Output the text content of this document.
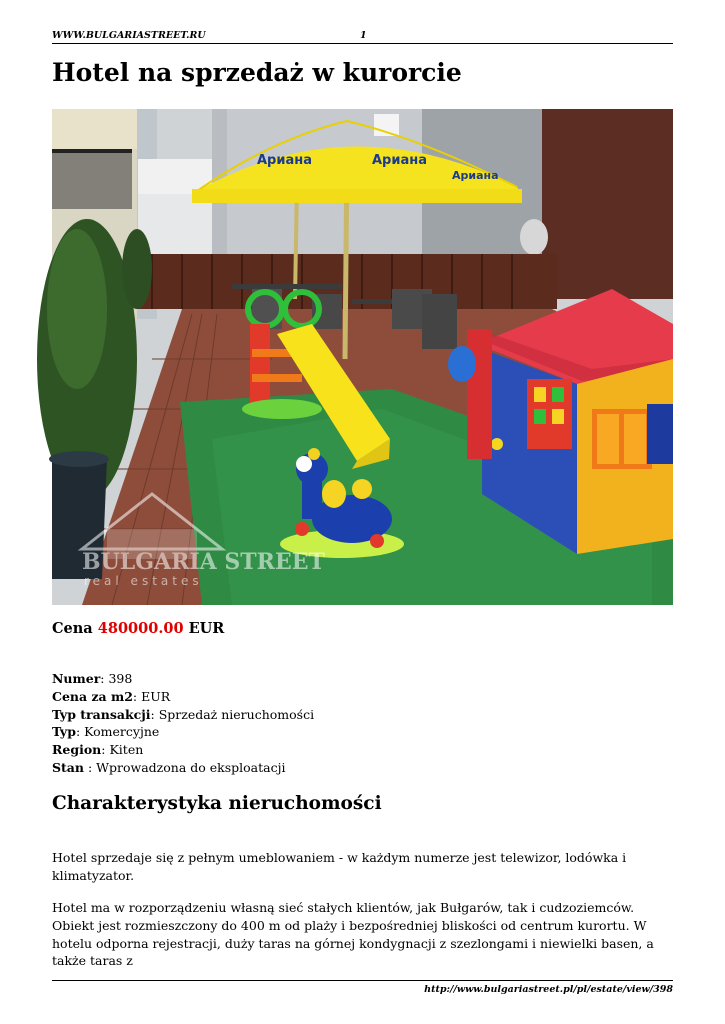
WWW.BULGARIASTREET.RU	1
Hotel na sprzedaż w kurorcie
Ариана	Ариана
Ариана
BULGARIA STREET
real estates
Cena 480000.00 EUR
Numer: 398
Cena za m2: EUR
Typ transakcji: Sprzedaż nieruchomości
Typ: Komercyjne
Region: Kiten
Stan : Wprowadzona do eksploatacji
Charakterystyka nieruchomości

Hotel sprzedaje się z pełnym umeblowaniem - w każdym numerze jest telewizor, lodówka i klimatyzator.

Hotel ma w rozporządzeniu własną sieć stałych klientów, jak Bułgarów, tak i cudzoziemców. Obiekt jest rozmieszczony do 400 m od plaży i bezpośredniej bliskości od centrum kurortu. W hotelu odporna rejestracji, duży taras na górnej kondygnacji z szezlongami i niewielki basen, a także taras z

http://www.bulgariastreet.pl/pl/estate/view/398
